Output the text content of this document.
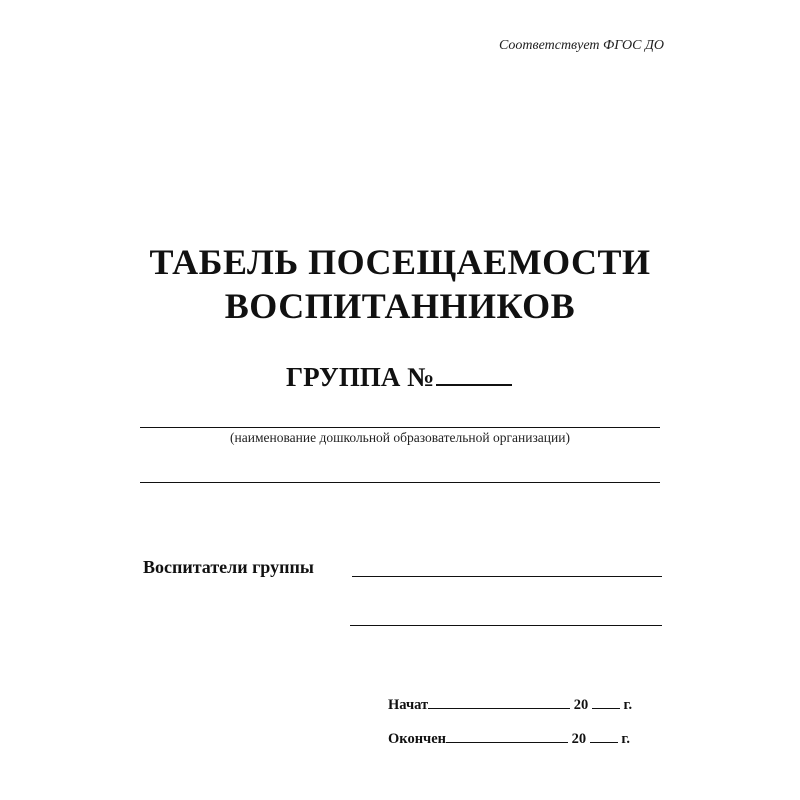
Соответствует ФГОС ДО
ТАБЕЛЬ ПОСЕЩАЕМОСТИ
ВОСПИТАННИКОВ
ГРУППА №
(наименование дошкольной образовательной организации)
Воспитатели группы
Начат	20 г.
Окончен	20 г.
